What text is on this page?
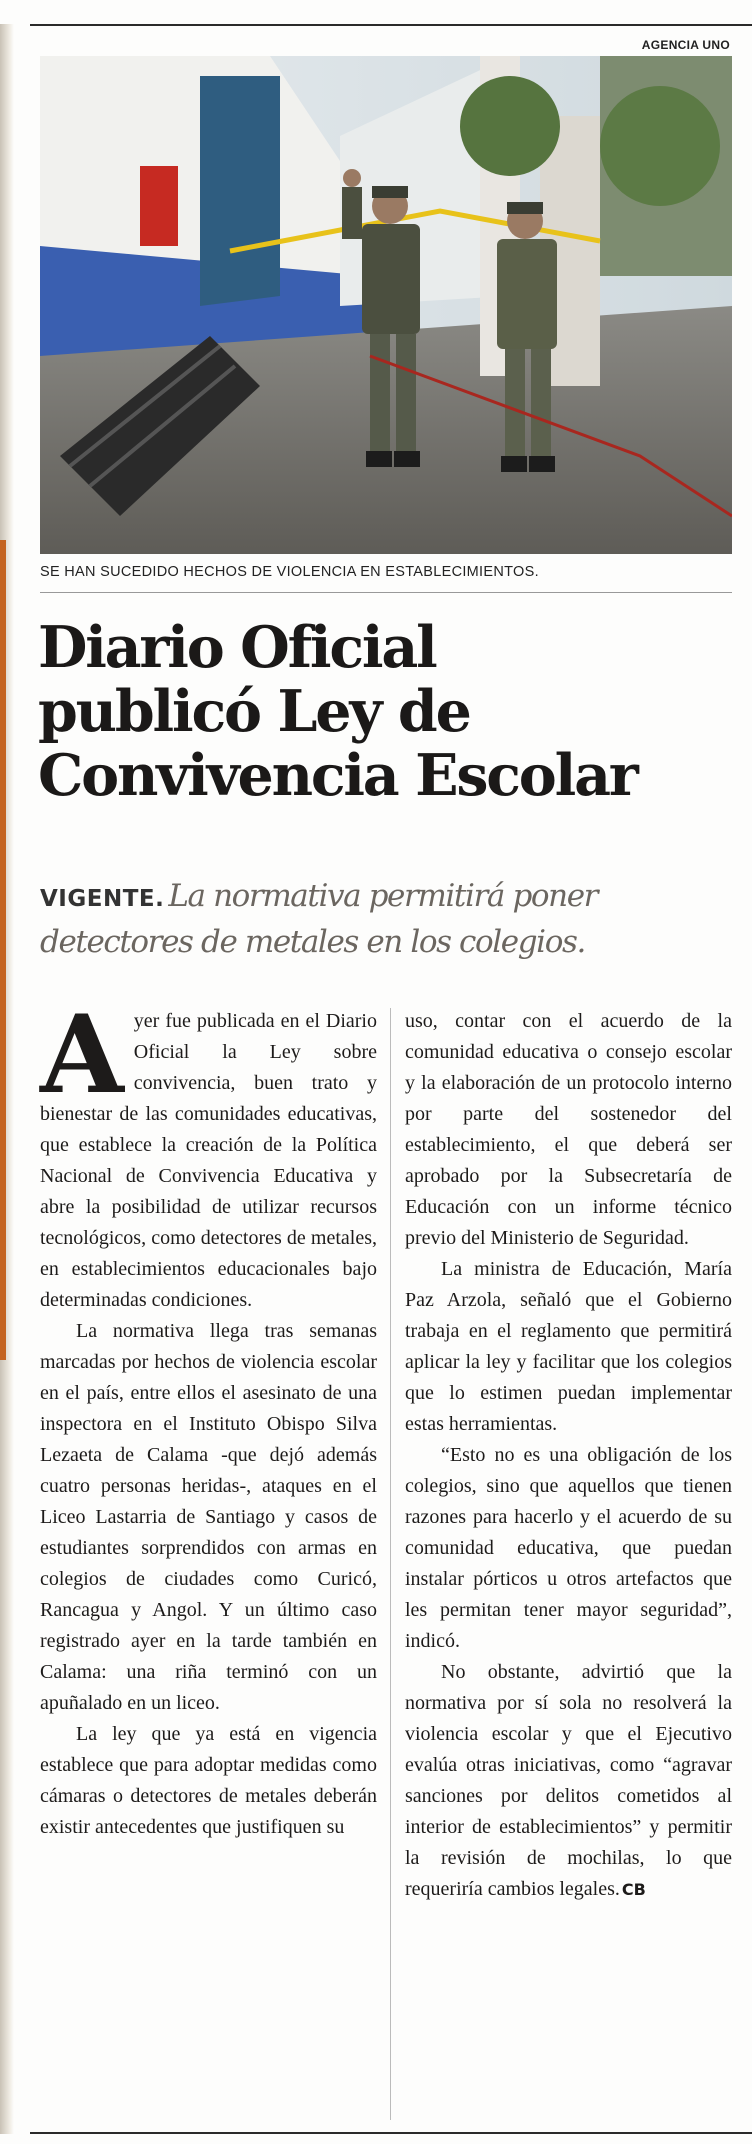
AGENCIA UNO
SE HAN SUCEDIDO HECHOS DE VIOLENCIA EN ESTABLECIMIENTOS.
Diario Oficial
publicó Ley de
Convivencia Escolar
VIGENTE. La normativa permitirá poner
detectores de metales en los colegios.

Ayer fue publicada en el Diario Oficial la Ley sobre convivencia, buen trato y bienestar de las comunidades educativas, que establece la creación de la Política Nacional de Convivencia Educativa y abre la posibilidad de utilizar recursos tecnológicos, como detectores de metales, en establecimientos educacionales bajo determinadas condiciones.

La normativa llega tras semanas marcadas por hechos de violencia escolar en el país, entre ellos el asesinato de una inspectora en el Instituto Obispo Silva Lezaeta de Calama -que dejó además cuatro personas heridas-, ataques en el Liceo Lastarria de Santiago y casos de estudiantes sorprendidos con armas en colegios de ciudades como Curicó, Rancagua y Angol. Y un último caso registrado ayer en la tarde también en Calama: una riña terminó con un apuñalado en un liceo.

La ley que ya está en vigencia establece que para adoptar medidas como cámaras o detectores de metales deberán existir antecedentes que justifiquen su

uso, contar con el acuerdo de la comunidad educativa o consejo escolar y la elaboración de un protocolo interno por parte del sostenedor del establecimiento, el que deberá ser aprobado por la Subsecretaría de Educación con un informe técnico previo del Ministerio de Seguridad.

La ministra de Educación, María Paz Arzola, señaló que el Gobierno trabaja en el reglamento que permitirá aplicar la ley y facilitar que los colegios que lo estimen puedan implementar estas herramientas.

“Esto no es una obligación de los colegios, sino que aquellos que tienen razones para hacerlo y el acuerdo de su comunidad educativa, que puedan instalar pórticos u otros artefactos que les permitan tener mayor seguridad”, indicó.

No obstante, advirtió que la normativa por sí sola no resolverá la violencia escolar y que el Ejecutivo evalúa otras iniciativas, como “agravar sanciones por delitos cometidos al interior de establecimientos” y permitir la revisión de mochilas, lo que requeriría cambios legales. CB
